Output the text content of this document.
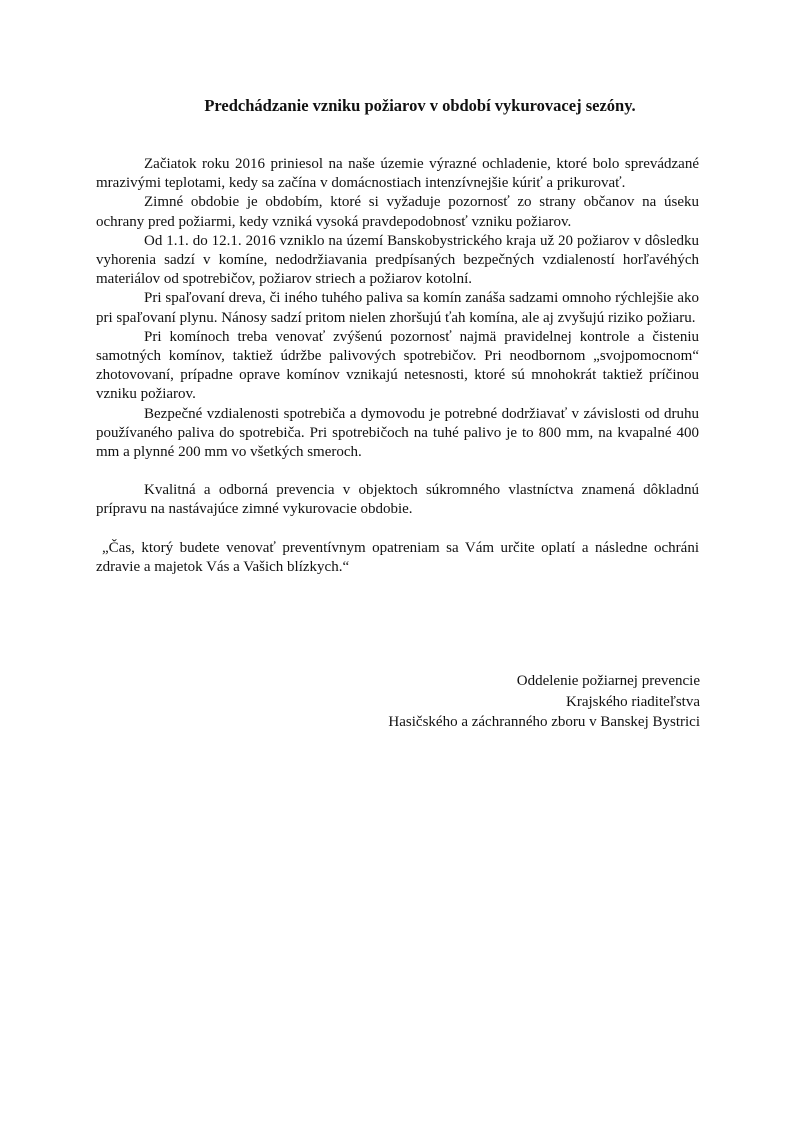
Predchádzanie vzniku požiarov v období vykurovacej sezóny.

Začiatok roku 2016 priniesol na naše územie výrazné ochladenie, ktoré bolo sprevádzané mrazivými teplotami, kedy sa začína v domácnostiach intenzívnejšie kúriť a prikurovať.

Zimné obdobie je obdobím, ktoré si vyžaduje pozornosť zo strany občanov na úseku ochrany pred požiarmi, kedy vzniká vysoká pravdepodobnosť vzniku požiarov.

Od 1.1. do 12.1. 2016 vzniklo na území Banskobystrického kraja už 20 požiarov v dôsledku vyhorenia sadzí v komíne, nedodržiavania predpísaných bezpečných vzdialeností horľavéhých materiálov od spotrebičov, požiarov striech a požiarov kotolní.

Pri spaľovaní dreva, či iného tuhého paliva sa komín zanáša sadzami omnoho rýchlejšie ako pri spaľovaní plynu. Nánosy sadzí pritom nielen zhoršujú ťah komína, ale aj zvyšujú riziko požiaru.

Pri komínoch treba venovať zvýšenú pozornosť najmä pravidelnej kontrole a čisteniu samotných komínov, taktiež údržbe palivových spotrebičov. Pri neodbornom „svojpomocnom“ zhotovovaní, prípadne oprave komínov vznikajú netesnosti, ktoré sú mnohokrát taktiež príčinou vzniku požiarov.

Bezpečné vzdialenosti spotrebiča a dymovodu je potrebné dodržiavať v závislosti od druhu používaného paliva do spotrebiča. Pri spotrebičoch na tuhé palivo je to 800 mm, na kvapalné 400 mm a plynné 200 mm vo všetkých smeroch.

Kvalitná a odborná prevencia v objektoch súkromného vlastníctva znamená dôkladnú prípravu na nastávajúce zimné vykurovacie obdobie.

„Čas, ktorý budete venovať preventívnym opatreniam sa Vám určite oplatí a následne ochráni zdravie a majetok Vás a Vašich blízkych.“

Oddelenie požiarnej prevencie
Krajského riaditeľstva
Hasičského a záchranného zboru v Banskej Bystrici
